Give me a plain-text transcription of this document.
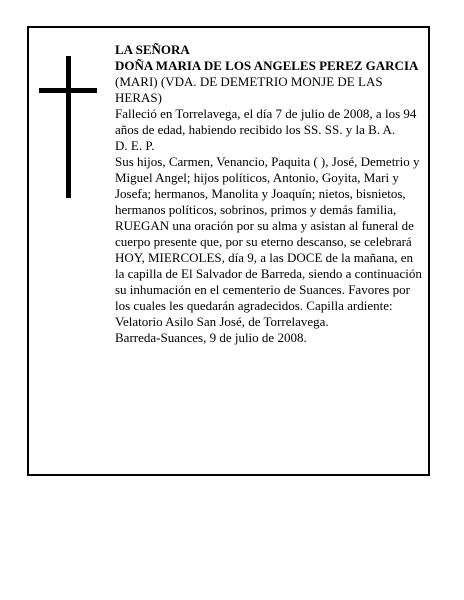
LA SEÑORA

DOÑA MARIA DE LOS ANGELES PEREZ GARCIA

(MARI) (VDA. DE DEMETRIO MONJE DE LAS HERAS)

Falleció en Torrelavega, el día 7 de julio de 2008, a los 94 años de edad, habiendo recibido los SS. SS. y la B. A.

D. E. P.

Sus hijos, Carmen, Venancio, Paquita ( ), José, Demetrio y Miguel Angel; hijos políticos, Antonio, Goyita, Mari y Josefa; hermanos, Manolita y Joaquín; nietos, bisnietos, hermanos políticos, sobrinos, primos y demás familia,

RUEGAN una oración por su alma y asistan al funeral de cuerpo presente que, por su eterno descanso, se celebrará HOY, MIERCOLES, día 9, a las DOCE de la mañana, en la capilla de El Salvador de Barreda, siendo a continuación su inhumación en el cementerio de Suances. Favores por los cuales les quedarán agradecidos. Capilla ardiente: Velatorio Asilo San José, de Torrelavega.

Barreda-Suances, 9 de julio de 2008.
